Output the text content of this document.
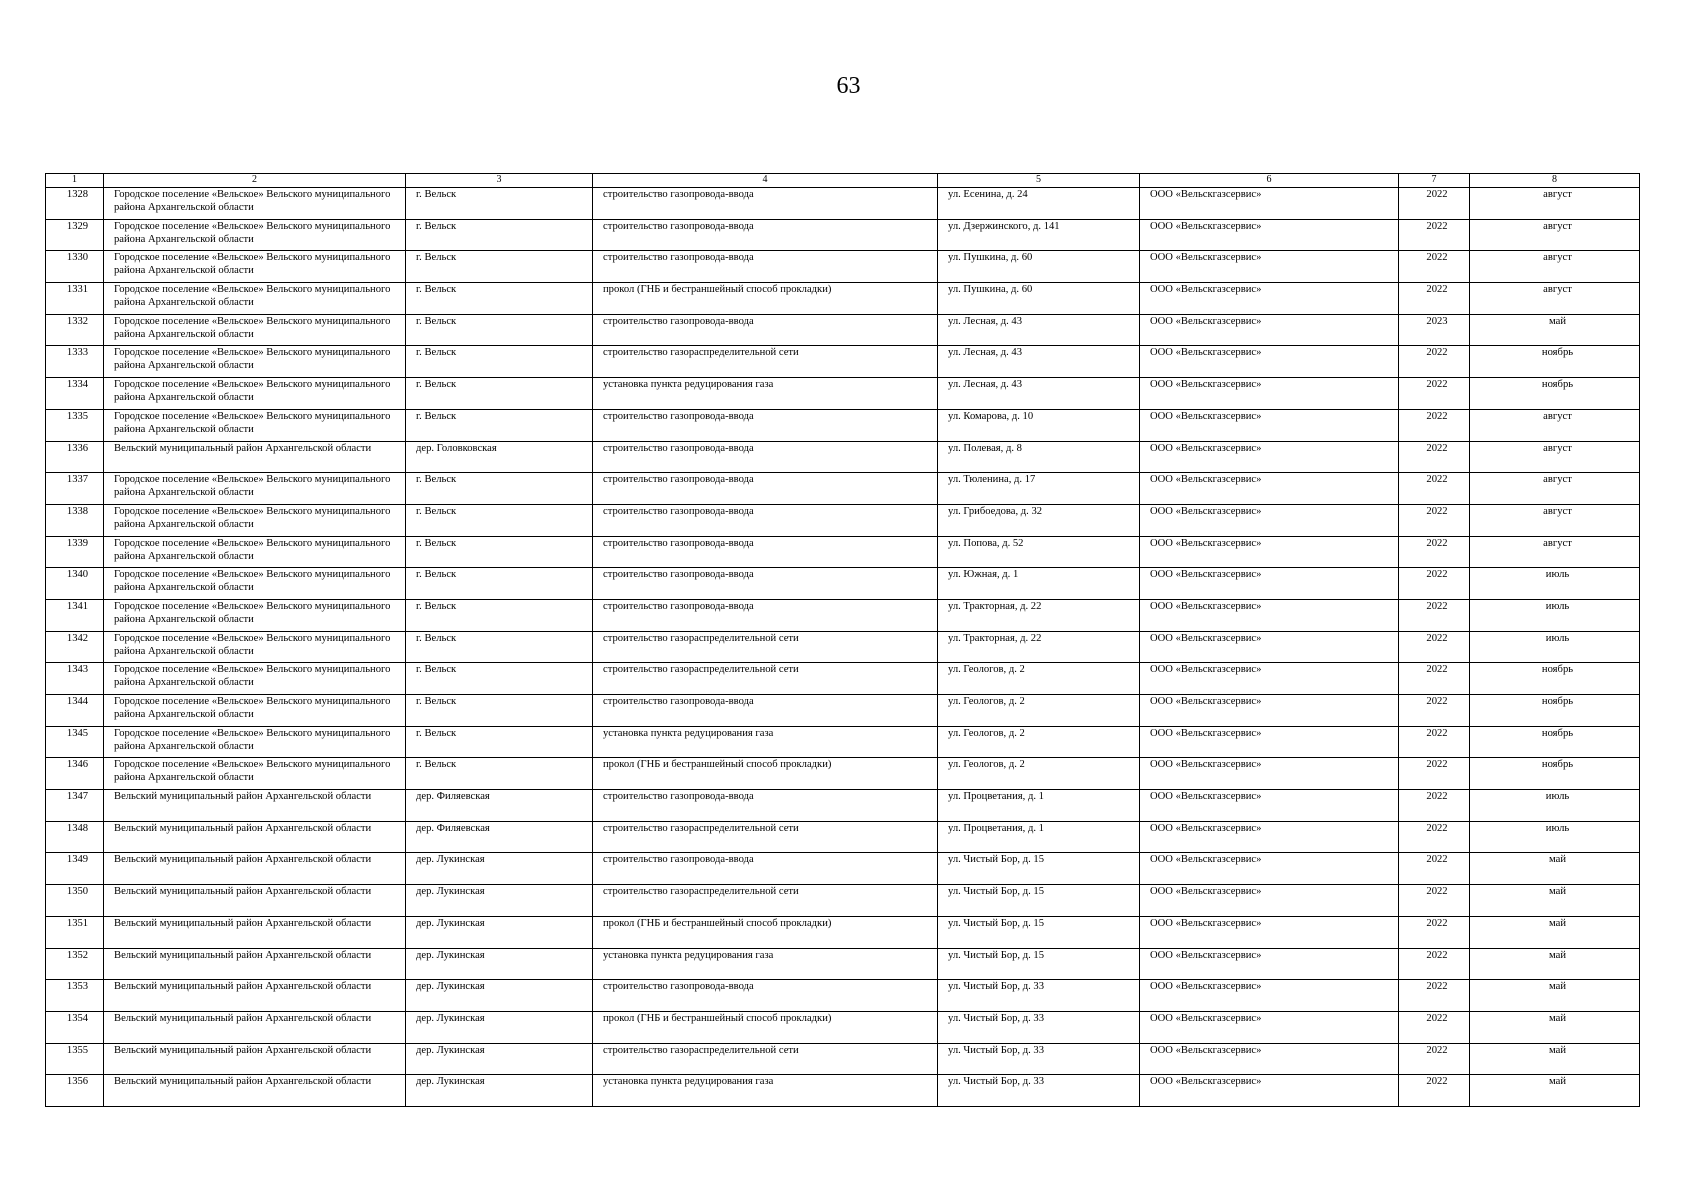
63
1	2	3	4	5	6	7	8
1328	Городское поселение «Вельское» Вельского муниципального района Архангельской области	г. Вельск	строительство газопровода-ввода	ул. Есенина, д. 24	ООО «Вельскгазсервис»	2022	август
1329	Городское поселение «Вельское» Вельского муниципального района Архангельской области	г. Вельск	строительство газопровода-ввода	ул. Дзержинского, д. 141	ООО «Вельскгазсервис»	2022	август
1330	Городское поселение «Вельское» Вельского муниципального района Архангельской области	г. Вельск	строительство газопровода-ввода	ул. Пушкина, д. 60	ООО «Вельскгазсервис»	2022	август
1331	Городское поселение «Вельское» Вельского муниципального района Архангельской области	г. Вельск	прокол (ГНБ и бестраншейный способ прокладки)	ул. Пушкина, д. 60	ООО «Вельскгазсервис»	2022	август
1332	Городское поселение «Вельское» Вельского муниципального района Архангельской области	г. Вельск	строительство газопровода-ввода	ул. Лесная, д. 43	ООО «Вельскгазсервис»	2023	май
1333	Городское поселение «Вельское» Вельского муниципального района Архангельской области	г. Вельск	строительство газораспределительной сети	ул. Лесная, д. 43	ООО «Вельскгазсервис»	2022	ноябрь
1334	Городское поселение «Вельское» Вельского муниципального района Архангельской области	г. Вельск	установка пункта редуцирования газа	ул. Лесная, д. 43	ООО «Вельскгазсервис»	2022	ноябрь
1335	Городское поселение «Вельское» Вельского муниципального района Архангельской области	г. Вельск	строительство газопровода-ввода	ул. Комарова, д. 10	ООО «Вельскгазсервис»	2022	август
1336	Вельский муниципальный район Архангельской области	дер. Головковская	строительство газопровода-ввода	ул. Полевая, д. 8	ООО «Вельскгазсервис»	2022	август
1337	Городское поселение «Вельское» Вельского муниципального района Архангельской области	г. Вельск	строительство газопровода-ввода	ул. Тюленина, д. 17	ООО «Вельскгазсервис»	2022	август
1338	Городское поселение «Вельское» Вельского муниципального района Архангельской области	г. Вельск	строительство газопровода-ввода	ул. Грибоедова, д. 32	ООО «Вельскгазсервис»	2022	август
1339	Городское поселение «Вельское» Вельского муниципального района Архангельской области	г. Вельск	строительство газопровода-ввода	ул. Попова, д. 52	ООО «Вельскгазсервис»	2022	август
1340	Городское поселение «Вельское» Вельского муниципального района Архангельской области	г. Вельск	строительство газопровода-ввода	ул. Южная, д. 1	ООО «Вельскгазсервис»	2022	июль
1341	Городское поселение «Вельское» Вельского муниципального района Архангельской области	г. Вельск	строительство газопровода-ввода	ул. Тракторная, д. 22	ООО «Вельскгазсервис»	2022	июль
1342	Городское поселение «Вельское» Вельского муниципального района Архангельской области	г. Вельск	строительство газораспределительной сети	ул. Тракторная, д. 22	ООО «Вельскгазсервис»	2022	июль
1343	Городское поселение «Вельское» Вельского муниципального района Архангельской области	г. Вельск	строительство газораспределительной сети	ул. Геологов, д. 2	ООО «Вельскгазсервис»	2022	ноябрь
1344	Городское поселение «Вельское» Вельского муниципального района Архангельской области	г. Вельск	строительство газопровода-ввода	ул. Геологов, д. 2	ООО «Вельскгазсервис»	2022	ноябрь
1345	Городское поселение «Вельское» Вельского муниципального района Архангельской области	г. Вельск	установка пункта редуцирования газа	ул. Геологов, д. 2	ООО «Вельскгазсервис»	2022	ноябрь
1346	Городское поселение «Вельское» Вельского муниципального района Архангельской области	г. Вельск	прокол (ГНБ и бестраншейный способ прокладки)	ул. Геологов, д. 2	ООО «Вельскгазсервис»	2022	ноябрь
1347	Вельский муниципальный район Архангельской области	дер. Филяевская	строительство газопровода-ввода	ул. Процветания, д. 1	ООО «Вельскгазсервис»	2022	июль
1348	Вельский муниципальный район Архангельской области	дер. Филяевская	строительство газораспределительной сети	ул. Процветания, д. 1	ООО «Вельскгазсервис»	2022	июль
1349	Вельский муниципальный район Архангельской области	дер. Лукинская	строительство газопровода-ввода	ул. Чистый Бор, д. 15	ООО «Вельскгазсервис»	2022	май
1350	Вельский муниципальный район Архангельской области	дер. Лукинская	строительство газораспределительной сети	ул. Чистый Бор, д. 15	ООО «Вельскгазсервис»	2022	май
1351	Вельский муниципальный район Архангельской области	дер. Лукинская	прокол (ГНБ и бестраншейный способ прокладки)	ул. Чистый Бор, д. 15	ООО «Вельскгазсервис»	2022	май
1352	Вельский муниципальный район Архангельской области	дер. Лукинская	установка пункта редуцирования газа	ул. Чистый Бор, д. 15	ООО «Вельскгазсервис»	2022	май
1353	Вельский муниципальный район Архангельской области	дер. Лукинская	строительство газопровода-ввода	ул. Чистый Бор, д. 33	ООО «Вельскгазсервис»	2022	май
1354	Вельский муниципальный район Архангельской области	дер. Лукинская	прокол (ГНБ и бестраншейный способ прокладки)	ул. Чистый Бор, д. 33	ООО «Вельскгазсервис»	2022	май
1355	Вельский муниципальный район Архангельской области	дер. Лукинская	строительство газораспределительной сети	ул. Чистый Бор, д. 33	ООО «Вельскгазсервис»	2022	май
1356	Вельский муниципальный район Архангельской области	дер. Лукинская	установка пункта редуцирования газа	ул. Чистый Бор, д. 33	ООО «Вельскгазсервис»	2022	май
